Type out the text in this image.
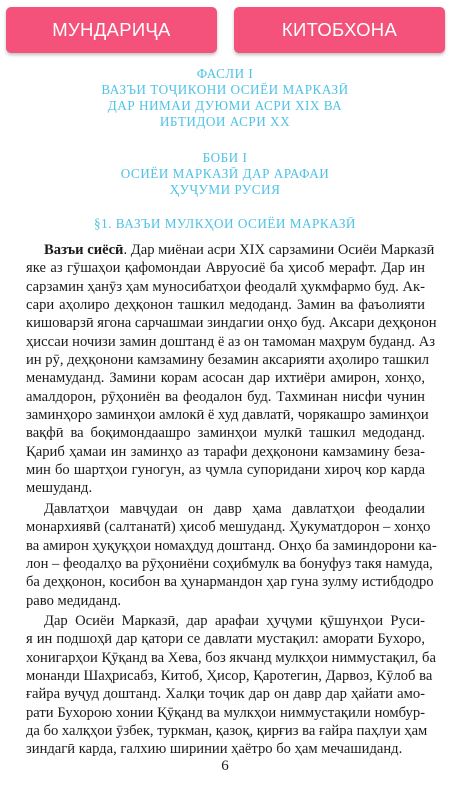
МУНДАРИҶА	КИТОБХОНА
ФАСЛИ I
ВАЗЪИ ТОҶИКОНИ ОСИЁИ МАРКАЗӢ
ДАР НИМАИ ДУЮМИ АСРИ XIX ВА
ИБТИДОИ АСРИ XX
БОБИ I
ОСИЁИ МАРКАЗӢ ДАР АРАФАИ
ҲУҶУМИ РУСИЯ
§1. ВАЗЪИ МУЛКҲОИ ОСИЁИ МАРКАЗӢ
Вазъи сиёсӣ. Дар миёнаи асри XIX сарзамини Осиёи Марказӣ
яке аз гӯшаҳои қафомондаи Авруосиё ба ҳисоб мерафт. Дар ин
сарзамин ҳанӯз ҳам муносибатҳои феодалӣ ҳукмфармо буд. Ак-
сари аҳолиро деҳқонон ташкил медоданд. Замин ва фаъолияти
кишоварзӣ ягона сарчашмаи зиндагии онҳо буд. Аксари деҳқонон
ҳиссаи ночизи замин доштанд ё аз он тамоман маҳрум буданд. Аз
ин рӯ, деҳқонони камзамину безамин аксарияти аҳолиро ташкил
менамуданд. Замини корам асосан дар ихтиёри амирон, хонҳо,
амалдорон, рӯҳониён ва феодалон буд. Тахминан нисфи чунин
заминҳоро заминҳои амлокӣ ё худ давлатӣ, чорякашро заминҳои
вақфӣ ва боқимондаашро заминҳои мулкӣ ташкил медоданд.
Қариб ҳамаи ин заминҳо аз тарафи деҳқонони камзамину беза-
мин бо шартҳои гуногун, аз ҷумла супоридани хироҷ кор карда
мешуданд.
Давлатҳои мавҷудаи он давр ҳама давлатҳои феодалии
монархиявӣ (салтанатӣ) ҳисоб мешуданд. Ҳукуматдорон – хонҳо
ва амирон ҳуқуқҳои номаҳдуд доштанд. Онҳо ба заминдорони ка-
лон – феодалҳо ва рӯҳониёни соҳибмулк ва бонуфуз такя намуда,
ба деҳқонон, косибон ва ҳунармандон ҳар гуна зулму истибдодро
раво медиданд.
Дар Осиёи Марказӣ, дар арафаи ҳуҷуми қӯшунҳои Руси-
я ин подшоҳӣ дар қатори се давлати мустақил: аморати Бухоро,
хонигарҳои Қӯқанд ва Хева, боз якчанд мулкҳои ниммустақил, ба
монанди Шаҳрисабз, Китоб, Ҳисор, Қаротегин, Дарвоз, Кӯлоб ва
ғайра вуҷуд доштанд. Халқи тоҷик дар он давр дар ҳайати амо-
рати Бухорою хонии Қӯқанд ва мулкҳои ниммустақили номбур-
да бо халқҳои ӯзбек, туркман, қазоқ, қирғиз ва ғайра паҳлуи ҳам
зиндагӣ карда, галхию ширинии ҳаётро бо ҳам мечашиданд.
6
